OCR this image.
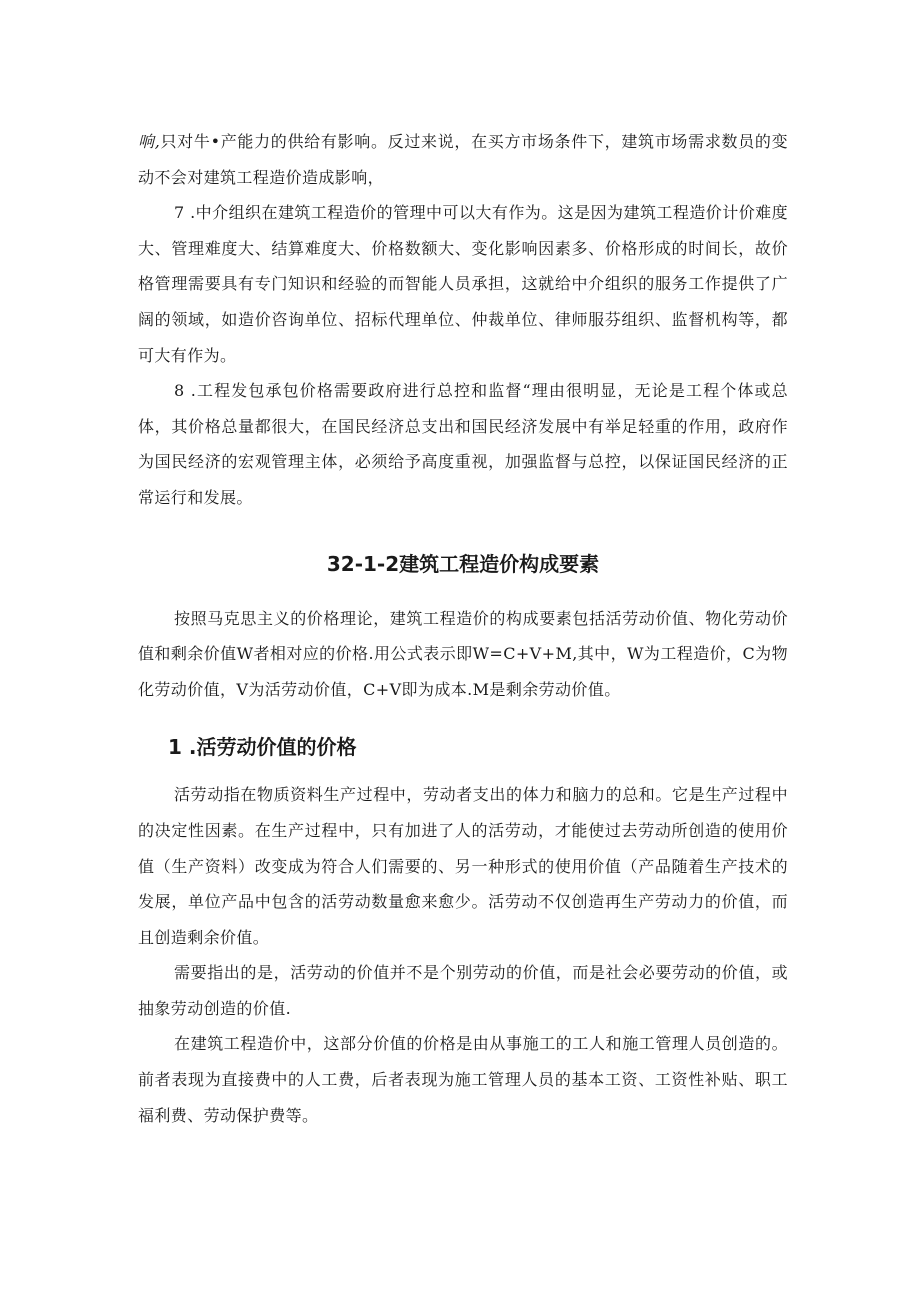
响,只对牛•产能力的供给有影响。反过来说，在买方市场条件下，建筑市场需求数员的变动不会对建筑工程造价造成影响，

7 .中介组织在建筑工程造价的管理中可以大有作为。这是因为建筑工程造价计价难度大、管理难度大、结算难度大、价格数额大、变化影响因素多、价格形成的时间长，故价格管理需要具有专门知识和经验的而智能人员承担，这就给中介组织的服务工作提供了广阔的领域，如造价咨询单位、招标代理单位、仲裁单位、律师服芬组织、监督机构等，都可大有作为。

8 .工程发包承包价格需要政府进行总控和监督“理由很明显，无论是工程个体或总体，其价格总量都很大，在国民经济总支出和国民经济发展中有举足轻重的作用，政府作为国民经济的宏观管理主体，必须给予高度重视，加强监督与总控，以保证国民经济的正常运行和发展。

32-1-2建筑工程造价构成要素

按照马克思主义的价格理论，建筑工程造价的构成要素包括活劳动价值、物化劳动价值和剩余价值W者相对应的价格.用公式表示即W=C+V+M,其中，W为工程造价，C为物化劳动价值，V为活劳动价值，C+V即为成本.M是剩余劳动价值。

1 .活劳动价值的价格

活劳动指在物质资料生产过程中，劳动者支出的体力和脑力的总和。它是生产过程中的决定性因素。在生产过程中，只有加进了人的活劳动，才能使过去劳动所创造的使用价值（生产资料）改变成为符合人们需要的、另一种形式的使用价值（产品随着生产技术的发展，单位产品中包含的活劳动数量愈来愈少。活劳动不仅创造再生产劳动力的价值，而且创造剩余价值。

需要指出的是，活劳动的价值并不是个别劳动的价值，而是社会必要劳动的价值，或抽象劳动创造的价值.

在建筑工程造价中，这部分价值的价格是由从事施工的工人和施工管理人员创造的。前者表现为直接费中的人工费，后者表现为施工管理人员的基本工资、工资性补贴、职工福利费、劳动保护费等。
